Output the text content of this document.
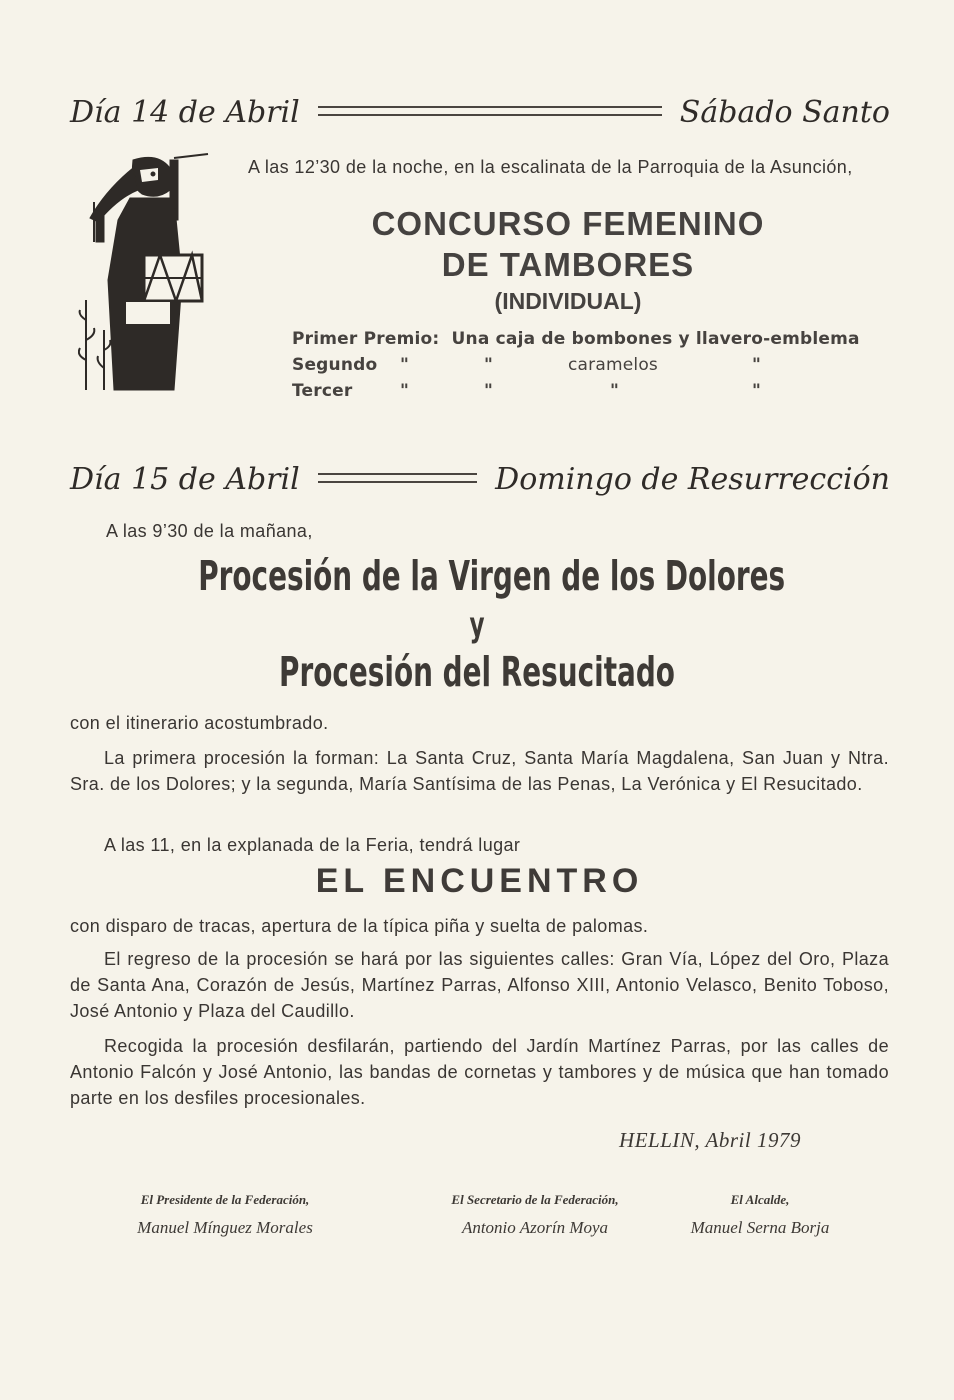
Día 14 de Abril	Sábado Santo
A las 12’30 de la noche, en la escalinata de la Parroquia de la Asunción,
CONCURSO FEMENINO
DE TAMBORES
(INDIVIDUAL)
Primer Premio: Una caja de bombones y llavero-emblema
Segundo "	"	caramelos	"
Tercer	"	"	"	"
Día 15 de Abril	Domingo de Resurrección
A las 9’30 de la mañana,
Procesión de la Virgen de los Dolores
y
Procesión del Resucitado
con el itinerario acostumbrado.
La primera procesión la forman: La Santa Cruz, Santa María Magdalena, San Juan y Ntra. Sra. de los Dolores; y la segunda, María Santísima de las Penas, La Verónica y El Resucitado.
A las 11, en la explanada de la Feria, tendrá lugar
EL ENCUENTRO
con disparo de tracas, apertura de la típica piña y suelta de palomas.
El regreso de la procesión se hará por las siguientes calles: Gran Vía, López del Oro, Plaza de Santa Ana, Corazón de Jesús, Martínez Parras, Alfonso XIII, Antonio Velasco, Benito Toboso, José Antonio y Plaza del Caudillo.
Recogida la procesión desfilarán, partiendo del Jardín Martínez Parras, por las calles de Antonio Falcón y José Antonio, las bandas de cornetas y tambores y de música que han tomado parte en los desfiles procesionales.
HELLIN, Abril 1979
El Presidente de la Federación,
Manuel Mínguez Morales
El Secretario de la Federación,
Antonio Azorín Moya
El Alcalde,
Manuel Serna Borja
